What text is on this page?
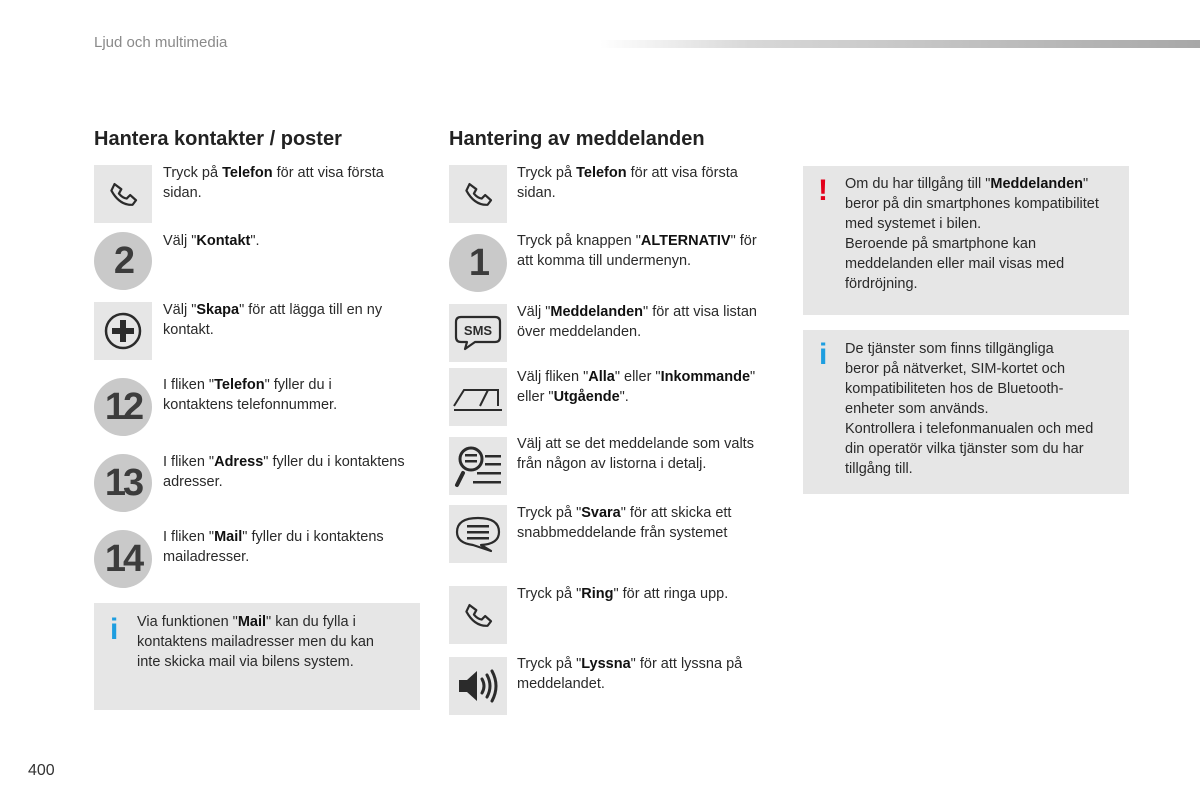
Ljud och multimedia
Hantera kontakter / poster
Tryck på Telefon för att visa första
sidan.
2	Välj "Kontakt".
Välj "Skapa" för att lägga till en ny
kontakt.
12
I fliken "Telefon" fyller du i
kontaktens telefonnummer.
13	I fliken "Adress" fyller du i kontaktens
adresser.
14
I fliken "Mail" fyller du i kontaktens
mailadresser.
i Via funktionen "Mail" kan du fylla i
kontaktens mailadresser men du kan
inte skicka mail via bilens system.
Hantering av meddelanden
Tryck på Telefon för att visa första
sidan.
1
Tryck på knappen "ALTERNATIV" för
att komma till undermenyn.
SMS
Välj "Meddelanden" för att visa listan
över meddelanden.
Välj fliken "Alla" eller "Inkommande"
eller "Utgående".
Välj att se det meddelande som valts
från någon av listorna i detalj.
Tryck på "Svara" för att skicka ett
snabbmeddelande från systemet
Tryck på "Ring" för att ringa upp.
Tryck på "Lyssna" för att lyssna på
meddelandet.
! Om du har tillgång till "Meddelanden"
beror på din smartphones kompatibilitet
med systemet i bilen.
Beroende på smartphone kan
meddelanden eller mail visas med
fördröjning.
i De tjänster som finns tillgängliga
beror på nätverket, SIM-kortet och
kompatibiliteten hos de Bluetooth-
enheter som används.
Kontrollera i telefonmanualen och med
din operatör vilka tjänster som du har
tillgång till.
400
